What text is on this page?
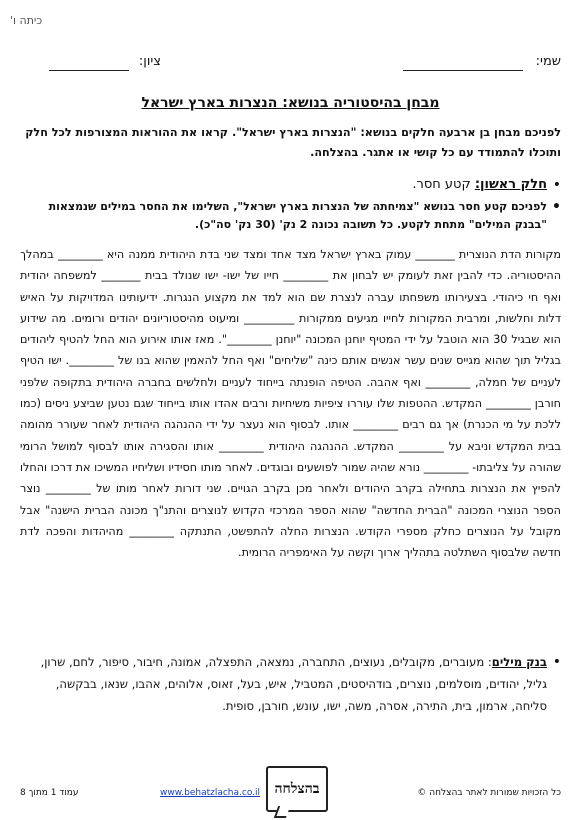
כיתה ו'
שמי:
ציון:
מבחן בהיסטוריה בנושא: הנצרות בארץ ישראל
לפניכם מבחן בן ארבעה חלקים בנושא: "הנצרות בארץ ישראל". קראו את ההוראות המצורפות לכל חלק ותוכלו להתמודד עם כל קושי או אתגר. בהצלחה.
• חלק ראשון: קטע חסר.
• לפניכם קטע חסר בנושא "צמיחתה של הנצרות בארץ ישראל", השלימו את החסר במילים שנמצאות "בבנק המילים" מתחת לקטע. כל תשובה נכונה 2 נק' (30 נק' סה"כ).

מקורות הדת הנוצרית _______ עמוק בארץ ישראל מצד אחד ומצד שני בדת היהודית ממנה היא ________ במהלך ההיסטוריה. כדי להבין זאת לעומק יש לבחון את ________ חייו של ישו- ישו שנולד בבית _______ למשפחה יהודית ואף חי כיהודי. בצעירותו משפחתו עברה לנצרת שם הוא למד את מקצוע הנגרות. ידיעותינו המדויקות על האיש דלות וחלשות, ומרבית המקורות לחייו מגיעים ממקורות _________ ומיעוט מהיסטוריונים יהודים ורומים. מה שידוע הוא שבגיל 30 הוא הוטבל על ידי המטיף יוחנן המכונה "יוחנן ________". מאז אותו אירוע הוא החל להטיף ליהודים בגליל תוך שהוא מגייס שנים עשר אנשים אותם כינה "שליחים" ואף החל להאמין שהוא בנו של ________. ישו הטיף לעניים של חמלה, ________ ואף אהבה. הטיפה הופנתה בייחוד לעניים ולחלשים בחברה היהודית בתקופה שלפני חורבן ________ המקדש. ההטפות שלו עוררו ציפיות משיחיות ורבים אהדו אותו בייחוד שגם נטען שביצע ניסים (כמו ללכת על מי הכנרת) אך גם רבים ________ אותו. לבסוף הוא נעצר על ידי ההנהגה היהודית לאחר שעורר מהומה בבית המקדש וניבא על ________ המקדש. ההנהגה היהודית ________ אותו והסגירה אותו לבסוף למושל הרומי שהורה על צליבתו- ________ נורא שהיה שמור לפושעים ובוגדים. לאחר מותו חסידיו ושליחיו המשיכו את דרכו והחלו להפיץ את הנצרות בתחילה בקרב היהודים ולאחר מכן בקרב הגויים. שני דורות לאחר מותו של ________ נוצר הספר הנוצרי המכונה "הברית החדשה" שהוא הספר המרכזי הקדוש לנוצרים והתנ"ך מכונה הברית הישנה" אבל מקובל על הנוצרים כחלק מספרי הקודש. הנצרות החלה להתפשט, התנתקה ________ מהיהדות והפכה לדת חדשה שלבסוף השתלטה בתהליך ארוך וקשה על האימפריה הרומית.

• בנק מילים: מעוברים, מקובלים, נעוצים, התחברה, נמצאה, התפצלה, אמונה, חיבור, סיפור, לחם, שרון, גליל, יהודים, מוסלמים, נוצרים, בודהיסטים, המטביל, איש, בעל, זאוס, אלוהים, אהבו, שנאו, בבקשה, סליחה, ארמון, בית, התירה, אסרה, משה, ישו, עונש, חורבן, סופית.
כל הזכויות שמורות לאתר בהצלחה ©
בהצלחה
www.behatzlacha.co.il
עמוד 1 מתוך 8
